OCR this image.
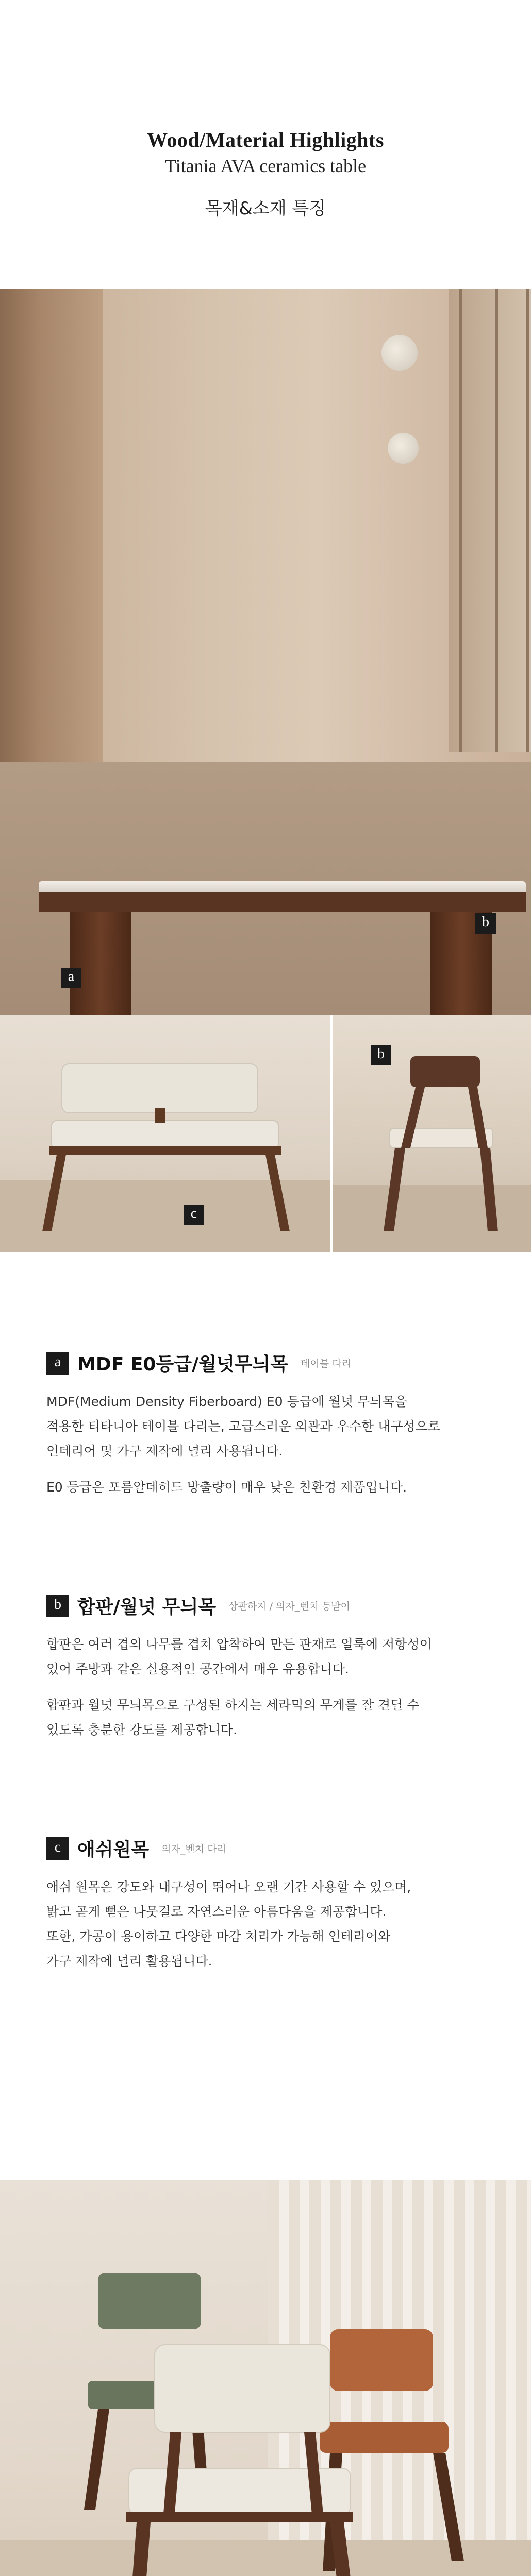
Wood/Material Highlights
Titania AVA ceramics table
목재&소재 특징
a
b
c
b
a MDF E0등급/월넛무늬목 테이블 다리

MDF(Medium Density Fiberboard) E0 등급에 월넛 무늬목을

적용한 티타니아 테이블 다리는, 고급스러운 외관과 우수한 내구성으로

인테리어 및 가구 제작에 널리 사용됩니다.

E0 등급은 포름알데히드 방출량이 매우 낮은 친환경 제품입니다.

b 합판/월넛 무늬목 상판하지 / 의자_벤치 등받이

합판은 여러 겹의 나무를 겹쳐 압착하여 만든 판재로 얼룩에 저항성이

있어 주방과 같은 실용적인 공간에서 매우 유용합니다.

합판과 월넛 무늬목으로 구성된 하지는 세라믹의 무게를 잘 견딜 수

있도록 충분한 강도를 제공합니다.

c 애쉬원목 의자_벤치 다리

애쉬 원목은 강도와 내구성이 뛰어나 오랜 기간 사용할 수 있으며,

밝고 곧게 뻗은 나뭇결로 자연스러운 아름다움을 제공합니다.

또한, 가공이 용이하고 다양한 마감 처리가 가능해 인테리어와

가구 제작에 널리 활용됩니다.
